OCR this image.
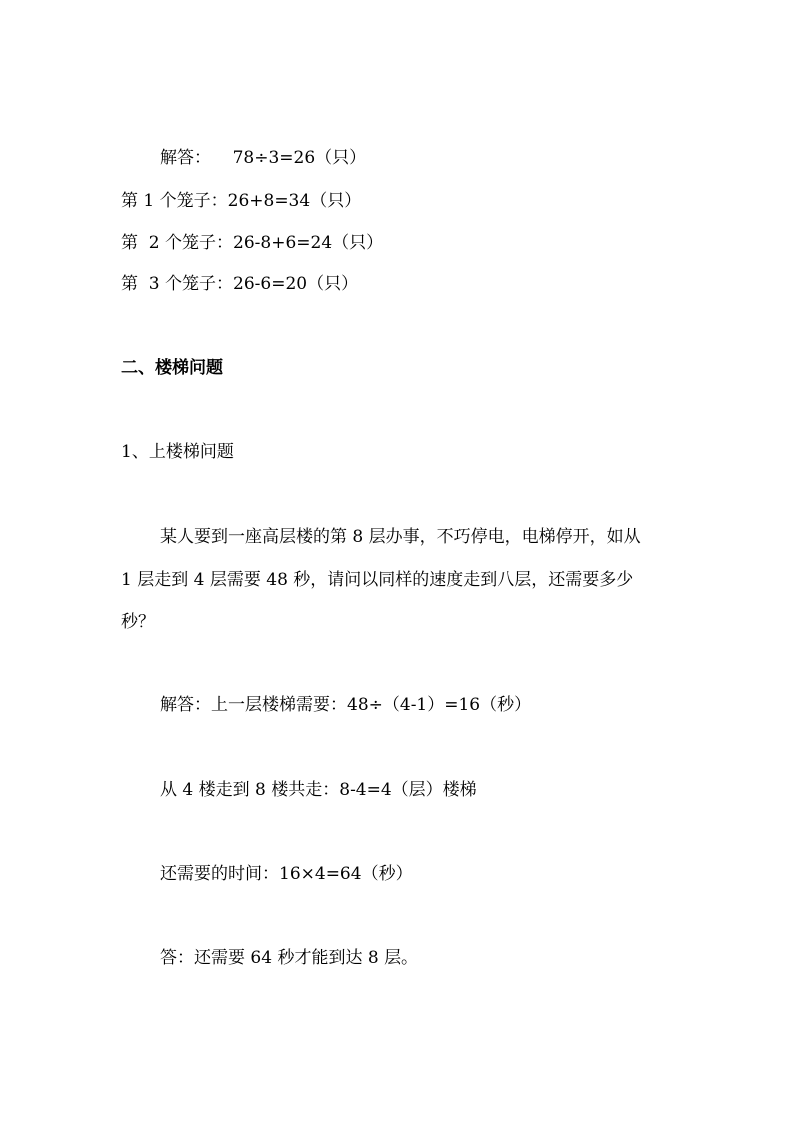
解答：    78÷3=26（只）

第 1 个笼子：26+8=34（只）

第  2 个笼子：26-8+6=24（只）

第  3 个笼子：26-6=20（只）

二、楼梯问题

1、上楼梯问题

某人要到一座高层楼的第 8 层办事，不巧停电，电梯停开，如从

1 层走到 4 层需要 48 秒，请问以同样的速度走到八层，还需要多少

秒？

解答：上一层楼梯需要：48÷（4-1）=16（秒）

从 4 楼走到 8 楼共走：8-4=4（层）楼梯

还需要的时间：16×4=64（秒）

答：还需要 64 秒才能到达 8 层。
